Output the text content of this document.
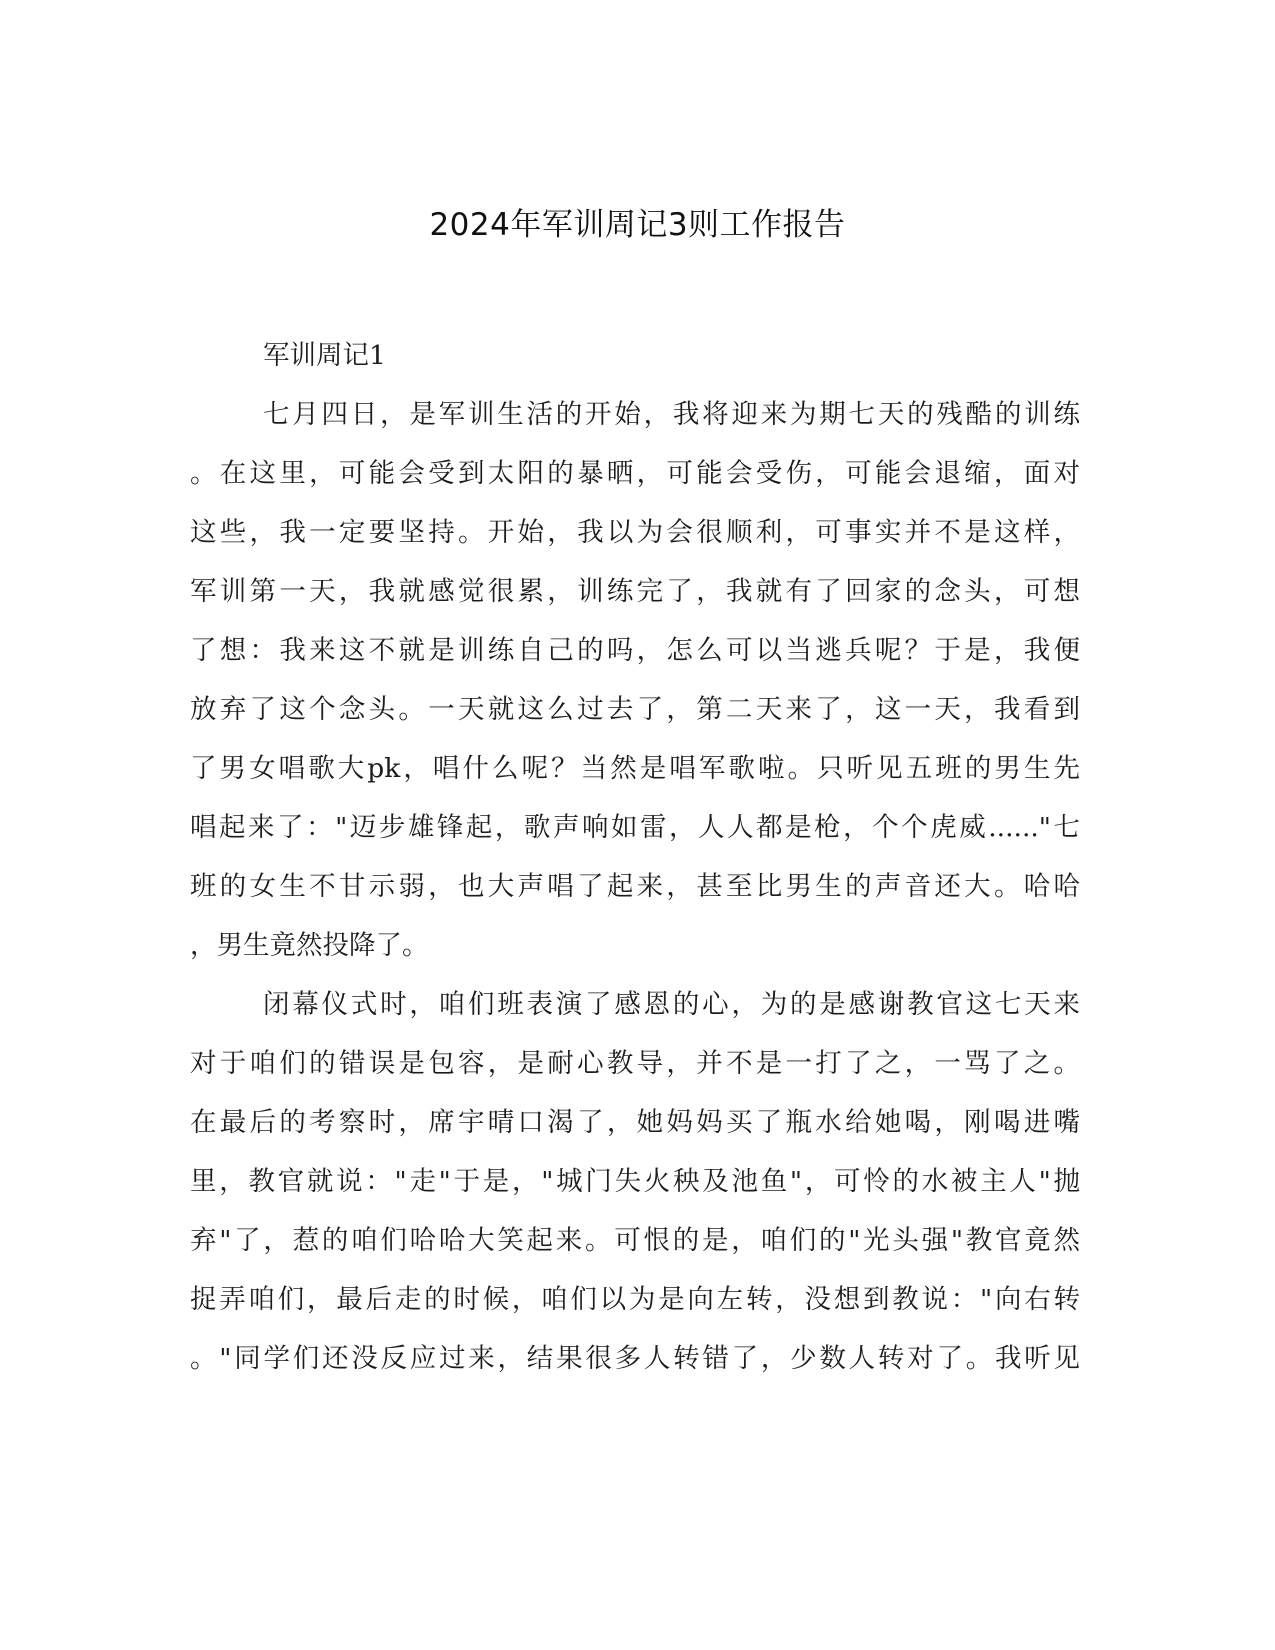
2024年军训周记3则工作报告
军训周记1
七月四日，是军训生活的开始，我将迎来为期七天的残酷的训练
。在这里，可能会受到太阳的暴晒，可能会受伤，可能会退缩，面对
这些，我一定要坚持。开始，我以为会很顺利，可事实并不是这样，
军训第一天，我就感觉很累，训练完了，我就有了回家的念头，可想
了想：我来这不就是训练自己的吗，怎么可以当逃兵呢？于是，我便
放弃了这个念头。一天就这么过去了，第二天来了，这一天，我看到
了男女唱歌大pk，唱什么呢？当然是唱军歌啦。只听见五班的男生先
唱起来了："迈步雄锋起，歌声响如雷，人人都是枪，个个虎威......"七
班的女生不甘示弱，也大声唱了起来，甚至比男生的声音还大。哈哈
，男生竟然投降了。
闭幕仪式时，咱们班表演了感恩的心，为的是感谢教官这七天来
对于咱们的错误是包容，是耐心教导，并不是一打了之，一骂了之。
在最后的考察时，席宇晴口渴了，她妈妈买了瓶水给她喝，刚喝进嘴
里，教官就说："走"于是，"城门失火秧及池鱼"，可怜的水被主人"抛
弃"了，惹的咱们哈哈大笑起来。可恨的是，咱们的"光头强"教官竟然
捉弄咱们，最后走的时候，咱们以为是向左转，没想到教说："向右转
。"同学们还没反应过来，结果很多人转错了，少数人转对了。我听见
